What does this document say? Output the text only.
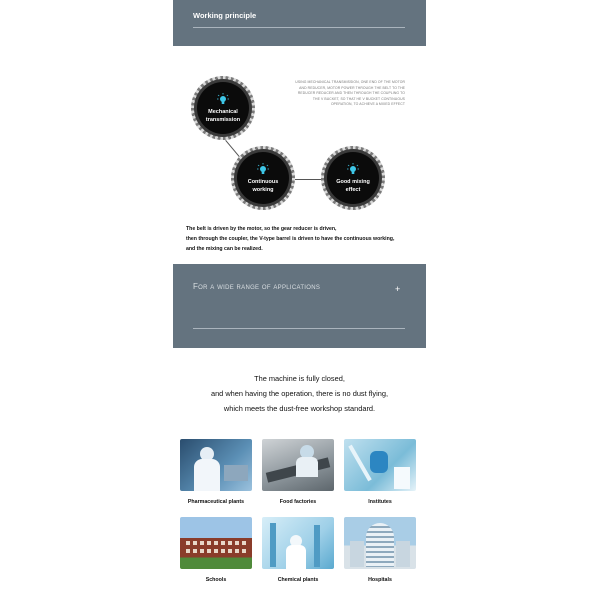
Working principle
Mechanical transmission
Continuous working
Good mixing effect
USING MECHANICAL TRANSMISSION, ONE END OF THE MOTOR AND REDUCER, MOTOR POWER THROUGH THE BELT TO THE REDUCER REDUCER AND THEN THROUGH THE COUPLING TO THE V BUCKET, SO THAT HE V BUCKET CONTINUOUS OPERATION, TO ACHIEVE A MIXED EFFECT
The belt is driven by the motor, so the gear reducer is driven,
then through the coupler, the V-type barrel is driven to have the continuous working,
and the mixing can be realized.
For a wide range of applications	+
The machine is fully closed,
and when having the operation, there is no dust flying,
which meets the dust-free workshop standard.
Pharmaceutical plants	Food factories	Institutes
Schools	Chemical plants	Hospitals
